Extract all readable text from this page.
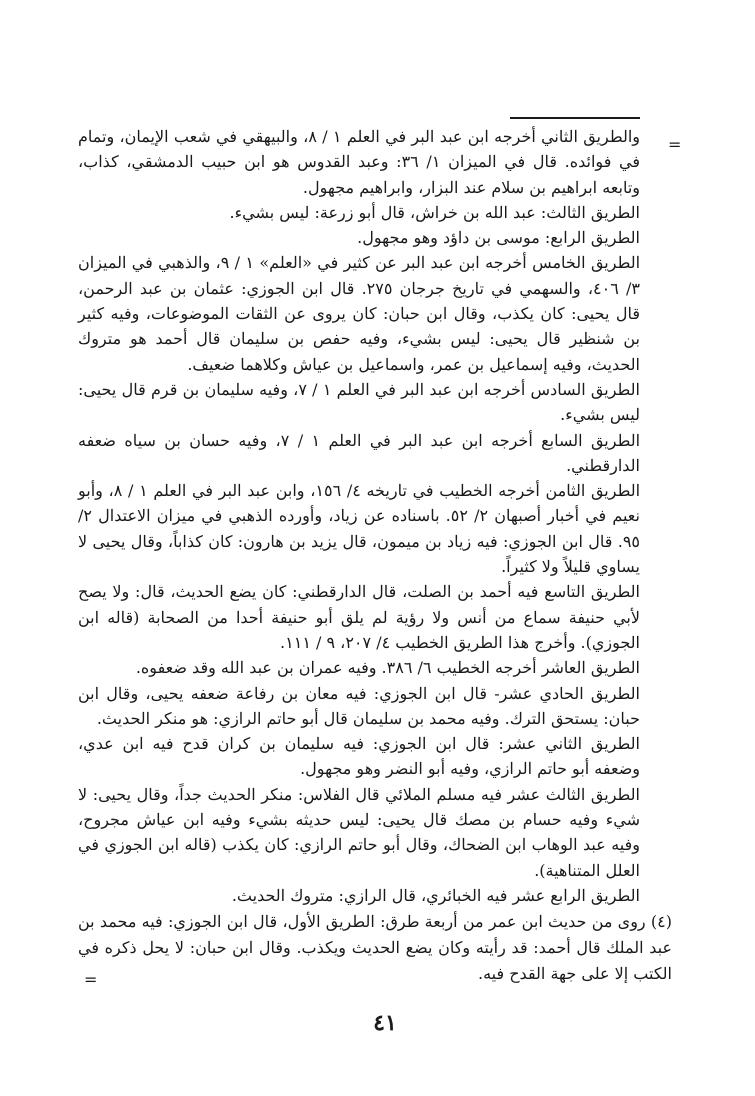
=

والطريق الثاني أخرجه ابن عبد البر في العلم ١ / ٨، والبيهقي في شعب الإيمان، وتمام في فوائده. قال في الميزان ١/ ٣٦: وعبد القدوس هو ابن حبيب الدمشقي، كذاب، وتابعه ابراهيم بن سلام عند البزار، وابراهيم مجهول.

الطريق الثالث: عبد الله بن خراش، قال أبو زرعة: ليس بشيء.

الطريق الرابع: موسى بن داؤد وهو مجهول.

الطريق الخامس أخرجه ابن عبد البر عن كثير في «العلم» ١ / ٩، والذهبي في الميزان ٣/ ٤٠٦، والسهمي في تاريخ جرجان ٢٧٥. قال ابن الجوزي: عثمان بن عبد الرحمن، قال يحيى: كان يكذب، وقال ابن حبان: كان يروى عن الثقات الموضوعات، وفيه كثير بن شنظير قال يحيى: ليس بشيء، وفيه حفص بن سليمان قال أحمد هو متروك الحديث، وفيه إسماعيل بن عمر، واسماعيل بن عياش وكلاهما ضعيف.

الطريق السادس أخرجه ابن عبد البر في العلم ١ / ٧، وفيه سليمان بن قرم قال يحيى: ليس بشيء.

الطريق السابع أخرجه ابن عبد البر في العلم ١ / ٧، وفيه حسان بن سياه ضعفه الدارقطني.

الطريق الثامن أخرجه الخطيب في تاريخه ٤/ ١٥٦، وابن عبد البر في العلم ١ / ٨، وأبو نعيم في أخبار أصبهان ٢/ ٥٢. باسناده عن زياد، وأورده الذهبي في ميزان الاعتدال ٢/ ٩٥. قال ابن الجوزي: فيه زياد بن ميمون، قال يزيد بن هارون: كان كذاباً، وقال يحيى لا يساوي قليلاً ولا كثيراً.

الطريق التاسع فيه أحمد بن الصلت، قال الدارقطني: كان يضع الحديث، قال: ولا يصح لأبي حنيفة سماع من أنس ولا رؤية لم يلق أبو حنيفة أحدا من الصحابة (قاله ابن الجوزي). وأخرج هذا الطريق الخطيب ٤/ ٢٠٧، ٩ / ١١١.

الطريق العاشر أخرجه الخطيب ٦/ ٣٨٦. وفيه عمران بن عبد الله وقد ضعفوه.

الطريق الحادي عشر- قال ابن الجوزي: فيه معان بن رفاعة ضعفه يحيى، وقال ابن حبان: يستحق الترك. وفيه محمد بن سليمان قال أبو حاتم الرازي: هو منكر الحديث.

الطريق الثاني عشر: قال ابن الجوزي: فيه سليمان بن كران قدح فيه ابن عدي، وضعفه أبو حاتم الرازي، وفيه أبو النضر وهو مجهول.

الطريق الثالث عشر فيه مسلم الملائي قال الفلاس: منكر الحديث جداً، وقال يحيى: لا شيء وفيه حسام بن مصك قال يحيى: ليس حديثه بشيء وفيه ابن عياش مجروح، وفيه عبد الوهاب ابن الضحاك، وقال أبو حاتم الرازي: كان يكذب (قاله ابن الجوزي في العلل المتناهية).

الطريق الرابع عشر فيه الخبائري، قال الرازي: متروك الحديث.

(٤) روى من حديث ابن عمر من أربعة طرق: الطريق الأول، قال ابن الجوزي: فيه محمد بن عبد الملك قال أحمد: قد رأيته وكان يضع الحديث ويكذب. وقال ابن حبان: لا يحل ذكره في الكتب إلا على جهة القدح فيه.
=
٤١
